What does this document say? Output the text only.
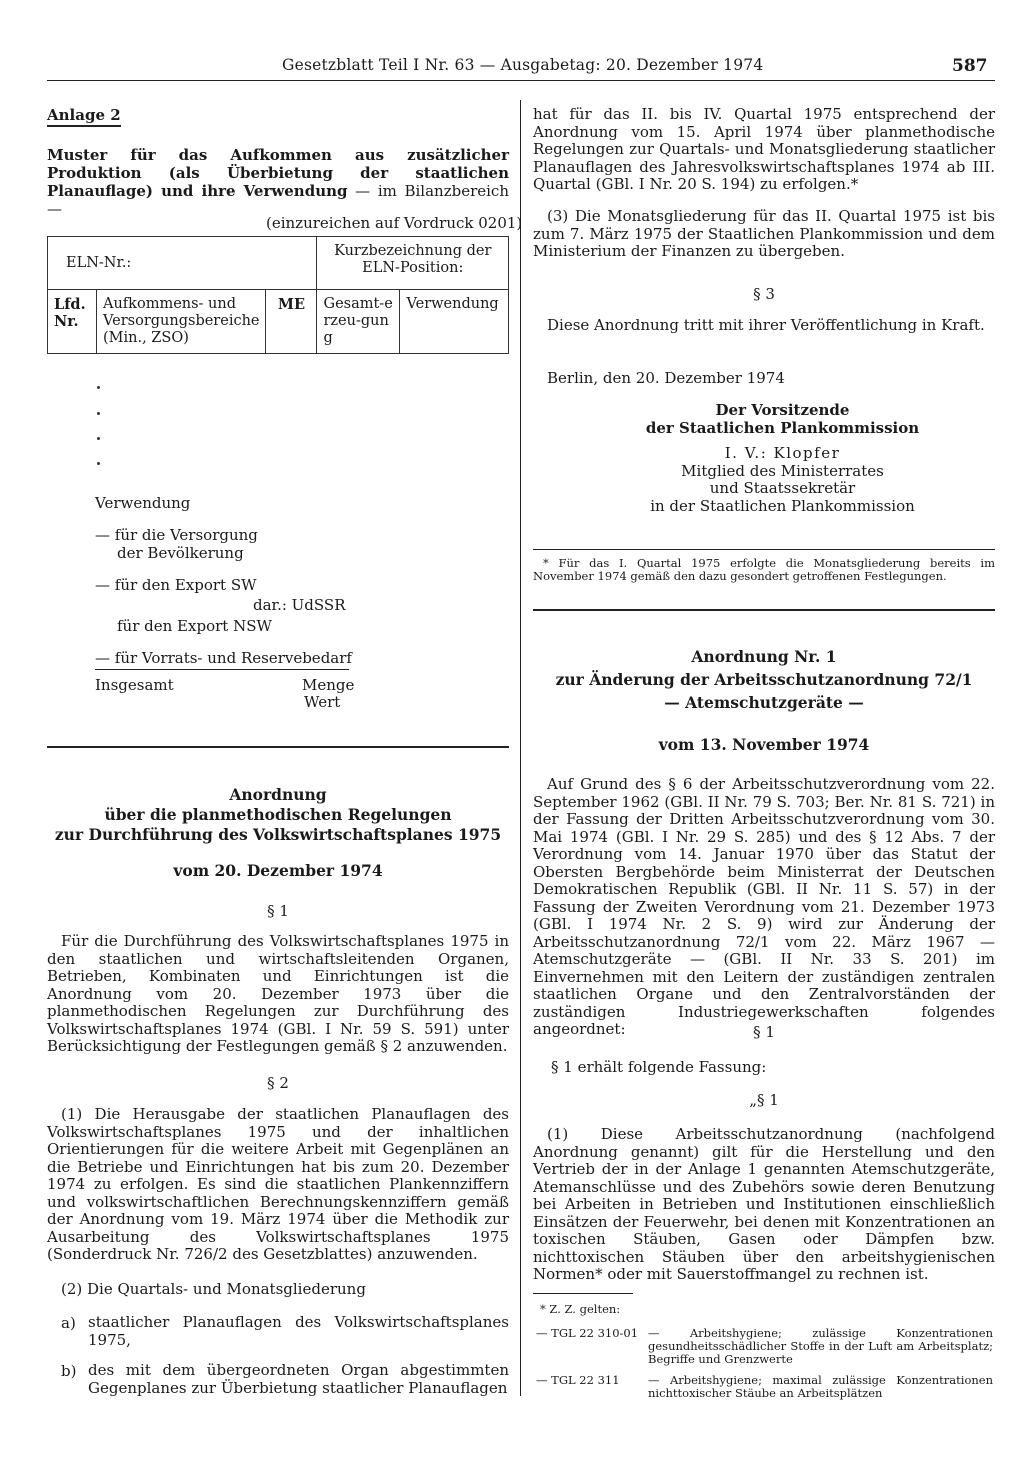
Gesetzblatt Teil I Nr. 63 — Ausgabetag: 20. Dezember 1974	587
Anlage 2
Muster für das Aufkommen aus zusätzlicher Produktion (als Überbietung der staatlichen Planauflage) und ihre Verwendung — im Bilanzbereich —
(einzureichen auf Vordruck 0201)
ELN-Nr.:			Kurzbezeichnung der ELN-Position:	
Lfd. Nr.	Aufkommens- und Versorgungsbereiche (Min., ZSO)	ME	Gesamt-erzeu-gung	Verwendung
Verwendung
— für die Versorgung
der Bevölkerung
— für den Export SW
dar.: UdSSR
für den Export NSW
— für Vorrats- und Reservebedarf
Insgesamt	Menge
Wert
Anordnung
über die planmethodischen Regelungen
zur Durchführung des Volkswirtschaftsplanes 1975
vom 20. Dezember 1974
§ 1

Für die Durchführung des Volkswirtschaftsplanes 1975 in den staatlichen und wirtschaftsleitenden Organen, Betrieben, Kombinaten und Einrichtungen ist die Anordnung vom 20. Dezember 1973 über die planmethodischen Regelungen zur Durchführung des Volkswirtschaftsplanes 1974 (GBl. I Nr. 59 S. 591) unter Berücksichtigung der Festlegungen gemäß § 2 anzuwenden.

§ 2

(1) Die Herausgabe der staatlichen Planauflagen des Volkswirtschaftsplanes 1975 und der inhaltlichen Orientierungen für die weitere Arbeit mit Gegenplänen an die Betriebe und Einrichtungen hat bis zum 20. Dezember 1974 zu erfolgen. Es sind die staatlichen Plankennziffern und volkswirtschaftlichen Berechnungskennziffern gemäß der Anordnung vom 19. März 1974 über die Methodik zur Ausarbeitung des Volkswirtschaftsplanes 1975 (Sonderdruck Nr. 726/2 des Gesetzblattes) anzuwenden.

(2) Die Quartals- und Monatsgliederung

a) staatlicher Planauflagen des Volkswirtschaftsplanes 1975,

b) des mit dem übergeordneten Organ abgestimmten Gegenplanes zur Überbietung staatlicher Planauflagen

hat für das II. bis IV. Quartal 1975 entsprechend der Anordnung vom 15. April 1974 über planmethodische Regelungen zur Quartals- und Monatsgliederung staatlicher Planauflagen des Jahresvolkswirtschaftsplanes 1974 ab III. Quartal (GBl. I Nr. 20 S. 194) zu erfolgen.*

(3) Die Monatsgliederung für das II. Quartal 1975 ist bis zum 7. März 1975 der Staatlichen Plankommission und dem Ministerium der Finanzen zu übergeben.

§ 3

Diese Anordnung tritt mit ihrer Veröffentlichung in Kraft.

Berlin, den 20. Dezember 1974
Der Vorsitzende
der Staatlichen Plankommission
I. V.: Klopfer
Mitglied des Ministerrates
und Staatssekretär
in der Staatlichen Plankommission

* Für das I. Quartal 1975 erfolgte die Monatsgliederung bereits im November 1974 gemäß den dazu gesondert getroffenen Festlegungen.

Anordnung Nr. 1
zur Änderung der Arbeitsschutzanordnung 72/1
— Atemschutzgeräte —
vom 13. November 1974

Auf Grund des § 6 der Arbeitsschutzverordnung vom 22. September 1962 (GBl. II Nr. 79 S. 703; Ber. Nr. 81 S. 721) in der Fassung der Dritten Arbeitsschutzverordnung vom 30. Mai 1974 (GBl. I Nr. 29 S. 285) und des § 12 Abs. 7 der Verordnung vom 14. Januar 1970 über das Statut der Obersten Bergbehörde beim Ministerrat der Deutschen Demokratischen Republik (GBl. II Nr. 11 S. 57) in der Fassung der Zweiten Verordnung vom 21. Dezember 1973 (GBl. I 1974 Nr. 2 S. 9) wird zur Änderung der Arbeitsschutzanordnung 72/1 vom 22. März 1967 — Atemschutzgeräte — (GBl. II Nr. 33 S. 201) im Einvernehmen mit den Leitern der zuständigen zentralen staatlichen Organe und den Zentralvorständen der zuständigen Industriegewerkschaften folgendes angeordnet:	§ 1

§ 1 erhält folgende Fassung:

„§ 1

(1) Diese Arbeitsschutzanordnung (nachfolgend Anordnung genannt) gilt für die Herstellung und den Vertrieb der in der Anlage 1 genannten Atemschutzgeräte, Atemanschlüsse und des Zubehörs sowie deren Benutzung bei Arbeiten in Betrieben und Institutionen einschließlich Einsätzen der Feuerwehr, bei denen mit Konzentrationen an toxischen Stäuben, Gasen oder Dämpfen bzw. nichttoxischen Stäuben über den arbeitshygienischen Normen* oder mit Sauerstoffmangel zu rechnen ist.

* Z. Z. gelten:

— TGL 22 310-01 — Arbeitshygiene; zulässige Konzentrationen gesundheitsschädlicher Stoffe in der Luft am Arbeitsplatz; Begriffe und Grenzwerte

— TGL 22 311	— Arbeitshygiene; maximal zulässige Konzentrationen nichttoxischer Stäube an Arbeitsplätzen
